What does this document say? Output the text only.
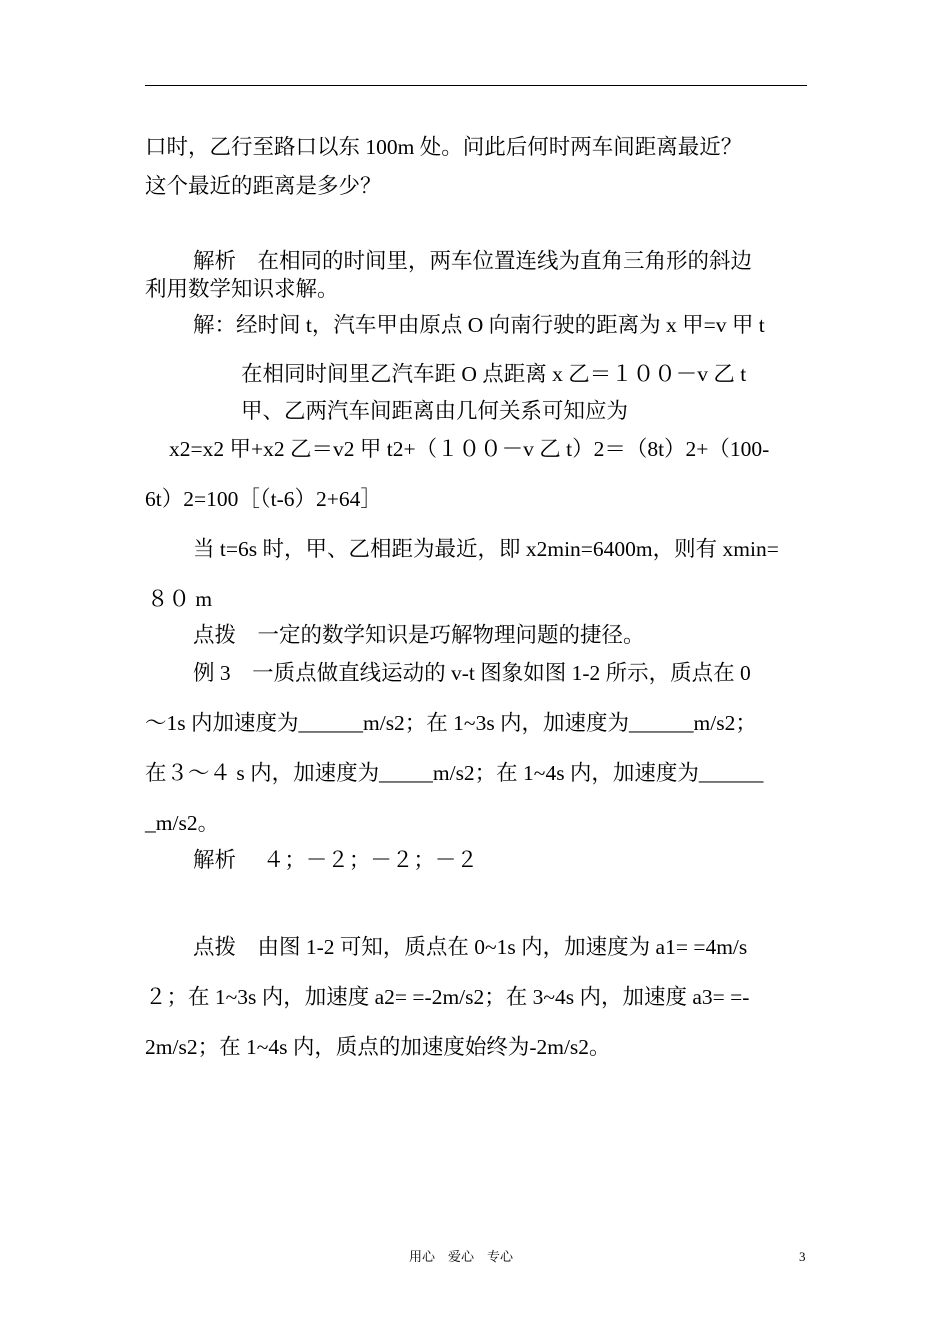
口时，乙行至路口以东 100m 处。问此后何时两车间距离最近？
这个最近的距离是多少？
解析　在相同的时间里，两车位置连线为直角三角形的斜边
利用数学知识求解。
解：经时间 t，汽车甲由原点 O 向南行驶的距离为 x 甲=v 甲 t
在相同时间里乙汽车距 O 点距离 x 乙＝１００－v 乙 t
甲、乙两汽车间距离由几何关系可知应为
x2=x2 甲+x2 乙＝v2 甲 t2+（１００－v 乙 t）2＝（8t）2+（100-
6t）2=100［（t-6）2+64］
当 t=6s 时，甲、乙相距为最近，即 x2min=6400m，则有 xmin=
８０ m
点拨　一定的数学知识是巧解物理问题的捷径。
例 3　一质点做直线运动的 v-t 图象如图 1-2 所示，质点在 0
～1s 内加速度为______m/s2；在 1~3s 内，加速度为______m/s2；
在３～４ s 内，加速度为_____m/s2；在 1~4s 内，加速度为______
_m/s2。
解析　 ４；－２；－２；－２
点拨　由图 1-2 可知，质点在 0~1s 内，加速度为 a1= =4m/s
２；在 1~3s 内，加速度 a2= =-2m/s2；在 3~4s 内，加速度 a3= =-
2m/s2；在 1~4s 内，质点的加速度始终为-2m/s2。
用心　爱心　专心	3
